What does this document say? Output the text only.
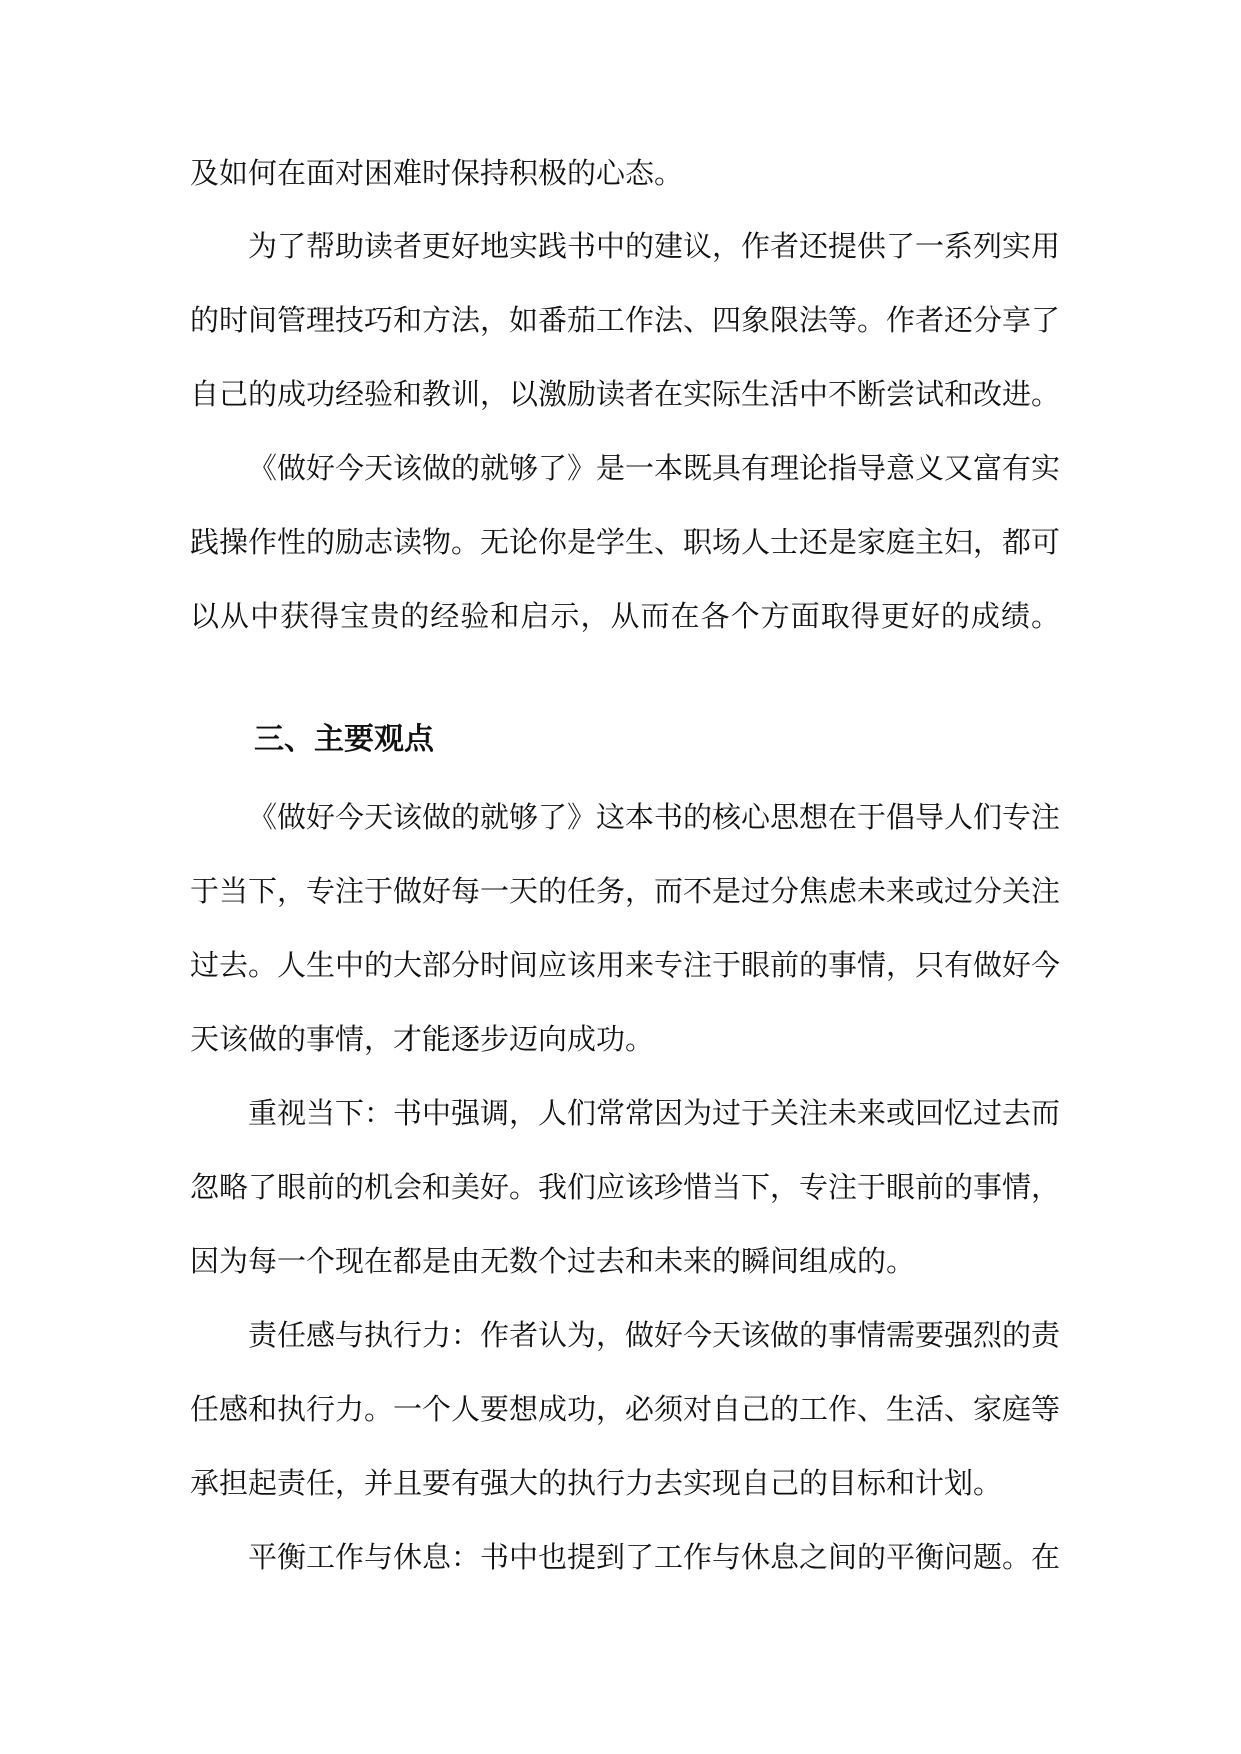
及如何在面对困难时保持积极的心态。
为了帮助读者更好地实践书中的建议，作者还提供了一系列实用
的时间管理技巧和方法，如番茄工作法、四象限法等。作者还分享了
自己的成功经验和教训，以激励读者在实际生活中不断尝试和改进。
《做好今天该做的就够了》是一本既具有理论指导意义又富有实
践操作性的励志读物。无论你是学生、职场人士还是家庭主妇，都可
以从中获得宝贵的经验和启示，从而在各个方面取得更好的成绩。
三、主要观点
《做好今天该做的就够了》这本书的核心思想在于倡导人们专注
于当下，专注于做好每一天的任务，而不是过分焦虑未来或过分关注
过去。人生中的大部分时间应该用来专注于眼前的事情，只有做好今
天该做的事情，才能逐步迈向成功。
重视当下：书中强调，人们常常因为过于关注未来或回忆过去而
忽略了眼前的机会和美好。我们应该珍惜当下，专注于眼前的事情，
因为每一个现在都是由无数个过去和未来的瞬间组成的。
责任感与执行力：作者认为，做好今天该做的事情需要强烈的责
任感和执行力。一个人要想成功，必须对自己的工作、生活、家庭等
承担起责任，并且要有强大的执行力去实现自己的目标和计划。
平衡工作与休息：书中也提到了工作与休息之间的平衡问题。在
